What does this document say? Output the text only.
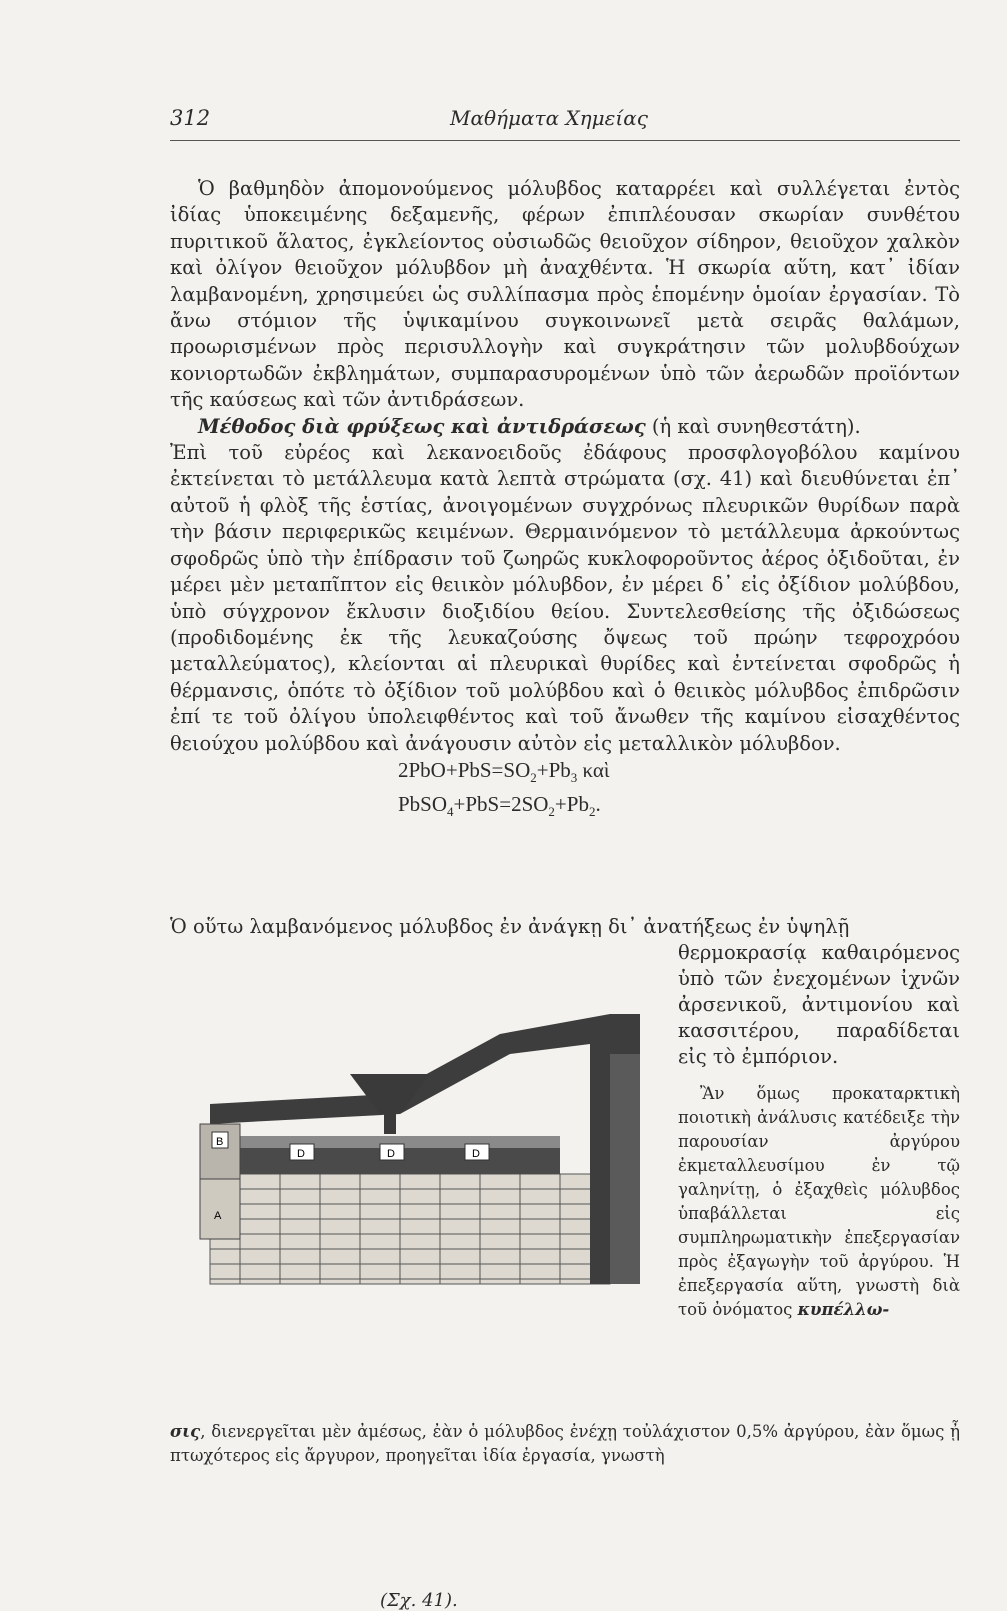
312	Μαθήματα Χημείας

Ὁ βαθμηδὸν ἀπομονούμενος μόλυβδος καταρρέει καὶ συλλέγεται ἐντὸς ἰδίας ὑποκειμένης δεξαμενῆς, φέρων ἐπιπλέουσαν σκωρίαν συνθέτου πυριτικοῦ ἅλατος, ἐγκλείοντος οὐσιωδῶς θειοῦχον σίδηρον, θειοῦχον χαλκὸν καὶ ὀλίγον θειοῦχον μόλυβδον μὴ ἀναχθέντα. Ἡ σκωρία αὕτη, κατ᾽ ἰδίαν λαμβανομένη, χρησιμεύει ὡς συλλίπασμα πρὸς ἑπομένην ὁμοίαν ἐργασίαν. Τὸ ἄνω στόμιον τῆς ὑψικαμίνου συγκοινωνεῖ μετὰ σειρᾶς θαλάμων, προωρισμένων πρὸς περισυλλογὴν καὶ συγκράτησιν τῶν μολυβδούχων κονιορτωδῶν ἐκβλημάτων, συμπαρασυρομένων ὑπὸ τῶν ἀερωδῶν προϊόντων τῆς καύσεως καὶ τῶν ἀντιδράσεων.

Μέθοδος διὰ φρύξεως καὶ ἀντιδράσεως (ἡ καὶ συνηθεστάτη).

Ἐπὶ τοῦ εὐρέος καὶ λεκανοειδοῦς ἐδάφους προσφλογοβόλου καμίνου ἐκτείνεται τὸ μετάλλευμα κατὰ λεπτὰ στρώματα (σχ. 41) καὶ διευθύνεται ἐπ᾽ αὐτοῦ ἡ φλὸξ τῆς ἑστίας, ἀνοιγομένων συγχρόνως πλευρικῶν θυρίδων παρὰ τὴν βάσιν περιφερικῶς κειμένων. Θερμαινόμενον τὸ μετάλλευμα ἀρκούντως σφοδρῶς ὑπὸ τὴν ἐπίδρασιν τοῦ ζωηρῶς κυκλοφοροῦντος ἀέρος ὀξιδοῦται, ἐν μέρει μὲν μεταπῖπτον εἰς θειικὸν μόλυβδον, ἐν μέρει δ᾽ εἰς ὀξίδιον μολύβδου, ὑπὸ σύγχρονον ἔκλυσιν διοξιδίου θείου. Συντελεσθείσης τῆς ὀξιδώσεως (προδιδομένης ἐκ τῆς λευκαζούσης ὄψεως τοῦ πρώην τεφροχρόου μεταλλεύματος), κλείονται αἱ πλευρικαὶ θυρίδες καὶ ἐντείνεται σφοδρῶς ἡ θέρμανσις, ὁπότε τὸ ὀξίδιον τοῦ μολύβδου καὶ ὁ θειικὸς μόλυβδος ἐπιδρῶσιν ἐπί τε τοῦ ὀλίγου ὑπολειφθέντος καὶ τοῦ ἄνωθεν τῆς καμίνου εἰσαχθέντος θειούχου μολύβδου καὶ ἀνάγουσιν αὐτὸν εἰς μεταλλικὸν μόλυβδον.

$2PbO+PbS=SO_2+Pb_3$ καὶ
$PbSO_4+PbS=2SO_2+Pb_2$.
Ὁ οὕτω λαμβανόμενος μόλυβδος ἐν ἀνάγκῃ δι᾽ ἀνατήξεως ἐν ὑψηλῇ
θερμοκρασίᾳ καθαιρόμενος ὑπὸ τῶν ἐνεχομένων ἰχνῶν ἀρσενικοῦ, ἀντιμονίου καὶ κασσιτέρου, παραδίδεται εἰς τὸ ἐμπόριον.
Ἂν ὅμως προκαταρκτικὴ ποιοτικὴ ἀνάλυσις κατέδειξε τὴν παρουσίαν ἀργύρου ἐκμεταλλευσίμου ἐν τῷ γαληνίτῃ, ὁ ἐξαχθεὶς μόλυβδος ὑπαβάλλεται εἰς συμπληρωματικὴν ἐπεξεργασίαν πρὸς ἐξαγωγὴν τοῦ ἀργύρου. Ἡ ἐπεξεργασία αὕτη, γνωστὴ διὰ τοῦ ὀνόματος κυπέλλω-
B
A
D	D	D
(Σχ. 41).
σις, διενεργεῖται μὲν ἀμέσως, ἐὰν ὁ μόλυβδος ἐνέχῃ τοὐλάχιστον 0,5% ἀργύρου, ἐὰν ὅμως ᾖ πτωχότερος εἰς ἄργυρον, προηγεῖται ἰδία ἐργασία, γνωστὴ
